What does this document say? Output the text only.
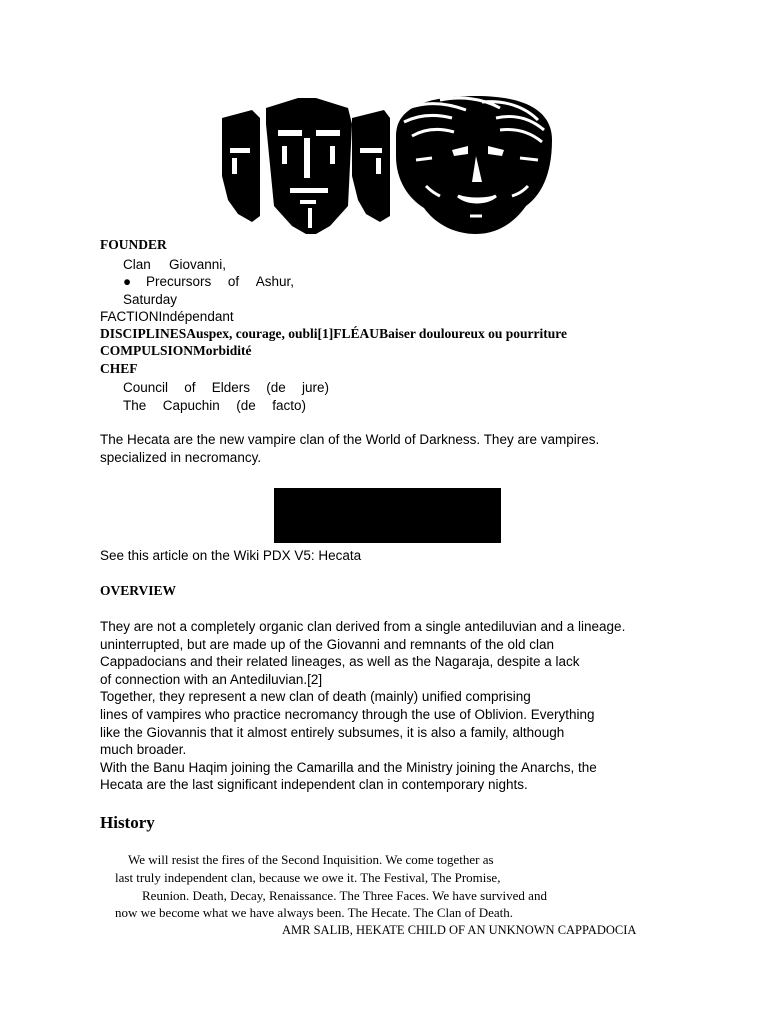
FOUNDER
Clan Giovanni,
● Precursors of Ashur,
Saturday
FACTIONIndépendant
DISCIPLINESAuspex, courage, oubli[1]FLÉAUBaiser douloureux ou pourriture
COMPULSIONMorbidité
CHEF
Council of Elders (de jure)
The Capuchin (de facto)
The Hecata are the new vampire clan of the World of Darkness. They are vampires.
specialized in necromancy.
See this article on the Wiki PDX V5: Hecata
OVERVIEW
They are not a completely organic clan derived from a single antediluvian and a lineage.
uninterrupted, but are made up of the Giovanni and remnants of the old clan
Cappadocians and their related lineages, as well as the Nagaraja, despite a lack
of connection with an Antediluvian.[2]
Together, they represent a new clan of death (mainly) unified comprising
lines of vampires who practice necromancy through the use of Oblivion. Everything
like the Giovannis that it almost entirely subsumes, it is also a family, although
much broader.
With the Banu Haqim joining the Camarilla and the Ministry joining the Anarchs, the
Hecata are the last significant independent clan in contemporary nights.
History
We will resist the fires of the Second Inquisition. We come together as
last truly independent clan, because we owe it. The Festival, The Promise,
Reunion. Death, Decay, Renaissance. The Three Faces. We have survived and
now we become what we have always been. The Hecate. The Clan of Death.
AMR SALIB, HEKATE CHILD OF AN UNKNOWN CAPPADOCIA
